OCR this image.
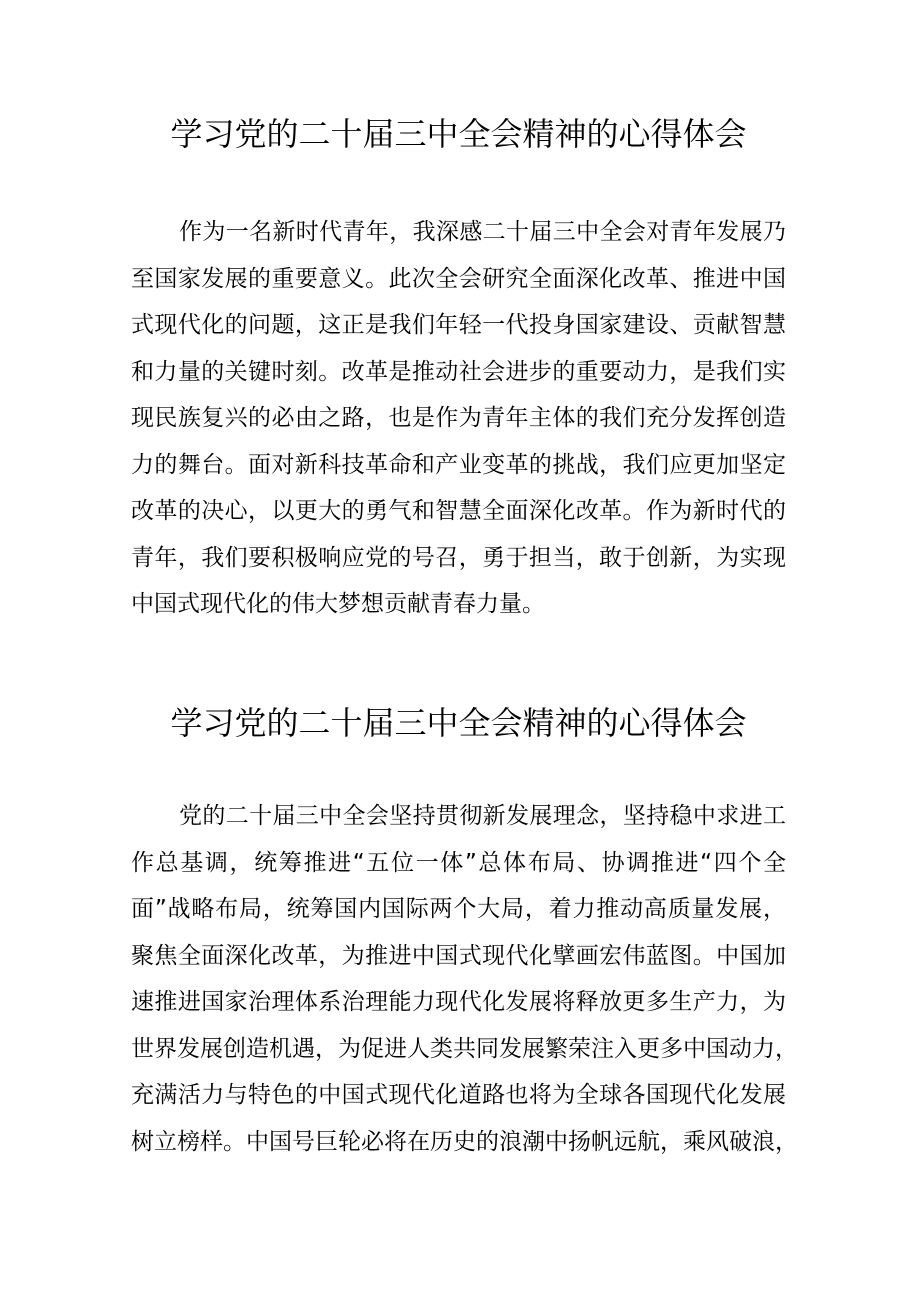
学习党的二十届三中全会精神的心得体会
作为一名新时代青年，我深感二十届三中全会对青年发展乃
至国家发展的重要意义。此次全会研究全面深化改革、推进中国
式现代化的问题，这正是我们年轻一代投身国家建设、贡献智慧
和力量的关键时刻。改革是推动社会进步的重要动力，是我们实
现民族复兴的必由之路，也是作为青年主体的我们充分发挥创造
力的舞台。面对新科技革命和产业变革的挑战，我们应更加坚定
改革的决心，以更大的勇气和智慧全面深化改革。作为新时代的
青年，我们要积极响应党的号召，勇于担当，敢于创新，为实现
中国式现代化的伟大梦想贡献青春力量。
学习党的二十届三中全会精神的心得体会
党的二十届三中全会坚持贯彻新发展理念，坚持稳中求进工
作总基调，统筹推进“五位一体”总体布局、协调推进“四个全
面”战略布局，统筹国内国际两个大局，着力推动高质量发展，
聚焦全面深化改革，为推进中国式现代化擘画宏伟蓝图。中国加
速推进国家治理体系治理能力现代化发展将释放更多生产力，为
世界发展创造机遇，为促进人类共同发展繁荣注入更多中国动力，
充满活力与特色的中国式现代化道路也将为全球各国现代化发展
树立榜样。中国号巨轮必将在历史的浪潮中扬帆远航，乘风破浪，
